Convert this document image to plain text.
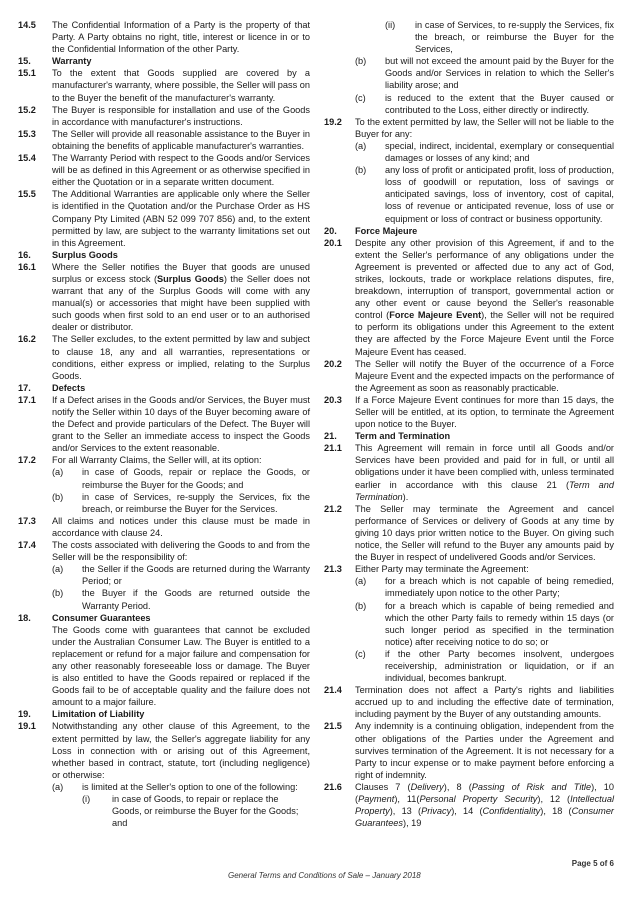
14.5	The Confidential Information of a Party is the property of that Party. A Party obtains no right, title, interest or licence in or to the Confidential Information of the other Party.
15.	Warranty
15.1	To the extent that Goods supplied are covered by a manufacturer's warranty, where possible, the Seller will pass on to the Buyer the benefit of the manufacturer's warranty.
15.2	The Buyer is responsible for installation and use of the Goods in accordance with manufacturer's instructions.
15.3	The Seller will provide all reasonable assistance to the Buyer in obtaining the benefits of applicable manufacturer's warranties.
15.4	The Warranty Period with respect to the Goods and/or Services will be as defined in this Agreement or as otherwise specified in either the Quotation or in a separate written document.
15.5	The Additional Warranties are applicable only where the Seller is identified in the Quotation and/or the Purchase Order as HS Company Pty Limited (ABN 52 099 707 856) and, to the extent permitted by law, are subject to the warranty limitations set out in this Agreement.
16.	Surplus Goods
16.1	Where the Seller notifies the Buyer that goods are unused surplus or excess stock (Surplus Goods) the Seller does not warrant that any of the Surplus Goods will come with any manual(s) or accessories that might have been supplied with such goods when first sold to an end user or to an authorised dealer or distributor.
16.2	The Seller excludes, to the extent permitted by law and subject to clause 18, any and all warranties, representations or conditions, either express or implied, relating to the Surplus Goods.
17.	Defects
17.1	If a Defect arises in the Goods and/or Services, the Buyer must notify the Seller within 10 days of the Buyer becoming aware of the Defect and provide particulars of the Defect. The Buyer will grant to the Seller an immediate access to inspect the Goods and/or Services to the extent reasonable.
17.2	For all Warranty Claims, the Seller will, at its option:
(a)	in case of Goods, repair or replace the Goods, or reimburse the Buyer for the Goods; and
(b)	in case of Services, re-supply the Services, fix the breach, or reimburse the Buyer for the Services.
17.3	All claims and notices under this clause must be made in accordance with clause 24.
17.4	The costs associated with delivering the Goods to and from the Seller will be the responsibility of:
(a)	the Seller if the Goods are returned during the Warranty Period; or
(b)	the Buyer if the Goods are returned outside the Warranty Period.
18.	Consumer Guarantees
The Goods come with guarantees that cannot be excluded under the Australian Consumer Law. The Buyer is entitled to a replacement or refund for a major failure and compensation for any other reasonably foreseeable loss or damage. The Buyer is also entitled to have the Goods repaired or replaced if the Goods fail to be of acceptable quality and the failure does not amount to a major failure.
19.	Limitation of Liability
19.1	Notwithstanding any other clause of this Agreement, to the extent permitted by law, the Seller's aggregate liability for any Loss in connection with or arising out of this Agreement, whether based in contract, statute, tort (including negligence) or otherwise:
(a)	is limited at the Seller's option to one of the following:
(i)	in case of Goods, to repair or replace the Goods, or reimburse the Buyer for the Goods; and
(ii)	in case of Services, to re-supply the Services, fix the breach, or reimburse the Buyer for the Services,
(b)	but will not exceed the amount paid by the Buyer for the Goods and/or Services in relation to which the Seller's liability arose; and
(c)	is reduced to the extent that the Buyer caused or contributed to the Loss, either directly or indirectly.
19.2	To the extent permitted by law, the Seller will not be liable to the Buyer for any:
(a)	special, indirect, incidental, exemplary or consequential damages or losses of any kind; and
(b)	any loss of profit or anticipated profit, loss of production, loss of goodwill or reputation, loss of savings or anticipated savings, loss of inventory, cost of capital, loss of revenue or anticipated revenue, loss of use or equipment or loss of contract or business opportunity.
20.	Force Majeure
20.1	Despite any other provision of this Agreement, if and to the extent the Seller's performance of any obligations under the Agreement is prevented or affected due to any act of God, strikes, lockouts, trade or workplace relations disputes, fire, breakdown, interruption of transport, governmental action or any other event or cause beyond the Seller's reasonable control (Force Majeure Event), the Seller will not be required to perform its obligations under this Agreement to the extent they are affected by the Force Majeure Event until the Force Majeure Event has ceased.
20.2	The Seller will notify the Buyer of the occurrence of a Force Majeure Event and the expected impacts on the performance of the Agreement as soon as reasonably practicable.
20.3	If a Force Majeure Event continues for more than 15 days, the Seller will be entitled, at its option, to terminate the Agreement upon notice to the Buyer.
21.	Term and Termination
21.1	This Agreement will remain in force until all Goods and/or Services have been provided and paid for in full, or until all obligations under it have been complied with, unless terminated earlier in accordance with this clause 21 (Term and Termination).
21.2	The Seller may terminate the Agreement and cancel performance of Services or delivery of Goods at any time by giving 10 days prior written notice to the Buyer. On giving such notice, the Seller will refund to the Buyer any amounts paid by the Buyer in respect of undelivered Goods and/or Services.
21.3	Either Party may terminate the Agreement:
(a)	for a breach which is not capable of being remedied, immediately upon notice to the other Party;
(b)	for a breach which is capable of being remedied and which the other Party fails to remedy within 15 days (or such longer period as specified in the termination notice) after receiving notice to do so; or
(c)	if the other Party becomes insolvent, undergoes receivership, administration or liquidation, or if an individual, becomes bankrupt.
21.4	Termination does not affect a Party's rights and liabilities accrued up to and including the effective date of termination, including payment by the Buyer of any outstanding amounts.
21.5	Any indemnity is a continuing obligation, independent from the other obligations of the Parties under the Agreement and survives termination of the Agreement. It is not necessary for a Party to incur expense or to make payment before enforcing a right of indemnity.
21.6	Clauses 7 (Delivery), 8 (Passing of Risk and Title), 10 (Payment), 11(Personal Property Security), 12 (Intellectual Property), 13 (Privacy), 14 (Confidentiality), 18 (Consumer Guarantees), 19
Page 5 of 6
General Terms and Conditions of Sale – January 2018
